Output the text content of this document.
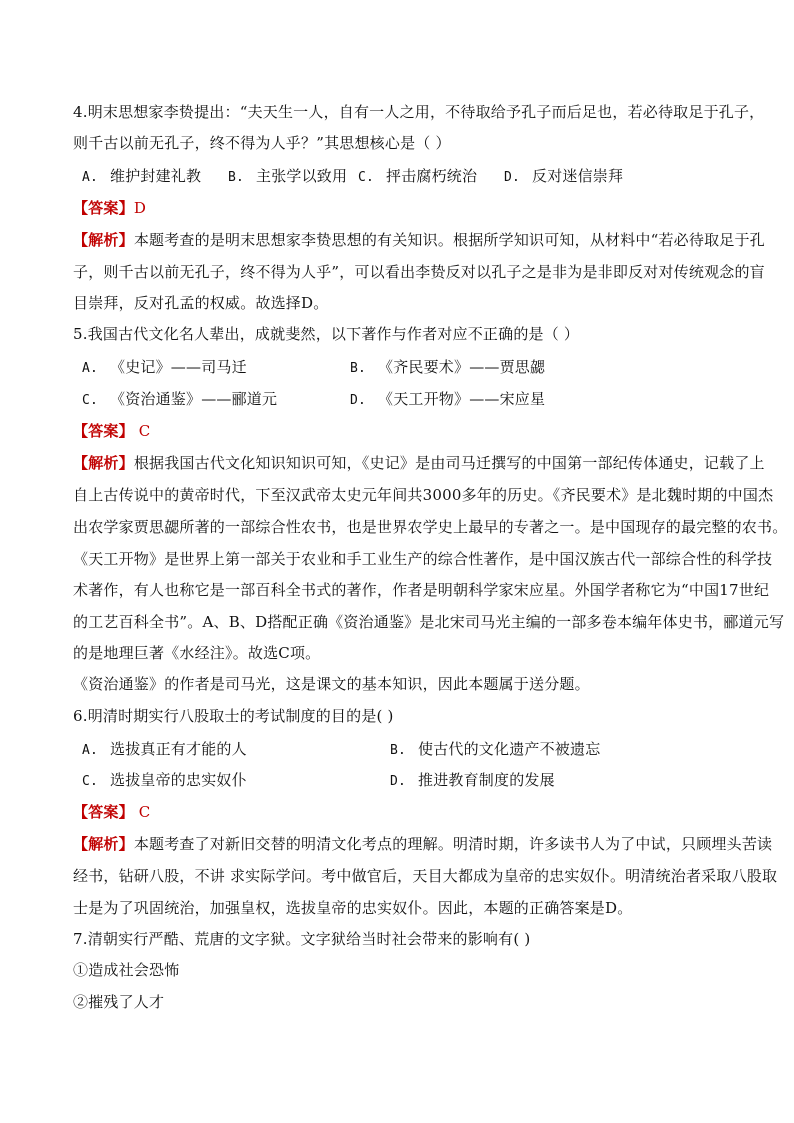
4.明末思想家李贽提出：“夫天生一人，自有一人之用，不待取给予孔子而后足也，若必待取足于孔子，
则千古以前无孔子，终不得为人乎？”其思想核心是（ ）
A. 维护封建礼教 B. 主张学以致用 C. 抨击腐朽统治 D. 反对迷信崇拜
【答案】D
【解析】本题考查的是明末思想家李贽思想的有关知识。根据所学知识可知，从材料中“若必待取足于孔
子，则千古以前无孔子，终不得为人乎”，可以看出李贽反对以孔子之是非为是非即反对对传统观念的盲
目崇拜，反对孔孟的权威。故选择D。
5.我国古代文化名人辈出，成就斐然，以下著作与作者对应不正确的是（ ）
A. 《史记》——司马迁	B. 《齐民要术》——贾思勰
C. 《资治通鉴》——郦道元	D. 《天工开物》——宋应星
【答案】 C
【解析】根据我国古代文化知识知识可知，《史记》是由司马迁撰写的中国第一部纪传体通史，记载了上
自上古传说中的黄帝时代，下至汉武帝太史元年间共3000多年的历史。《齐民要术》是北魏时期的中国杰
出农学家贾思勰所著的一部综合性农书，也是世界农学史上最早的专著之一。是中国现存的最完整的农书。
《天工开物》是世界上第一部关于农业和手工业生产的综合性著作，是中国汉族古代一部综合性的科学技
术著作，有人也称它是一部百科全书式的著作，作者是明朝科学家宋应星。外国学者称它为“中国17世纪
的工艺百科全书”。A、B、D搭配正确《资治通鉴》是北宋司马光主编的一部多卷本编年体史书，郦道元写
的是地理巨著《水经注》。故选C项。
《资治通鉴》的作者是司马光，这是课文的基本知识，因此本题属于送分题。
6.明清时期实行八股取士的考试制度的目的是( )
A. 选拔真正有才能的人	B. 使古代的文化遗产不被遗忘
C. 选拔皇帝的忠实奴仆	D. 推进教育制度的发展
【答案】 C
【解析】本题考查了对新旧交替的明清文化考点的理解。明清时期，许多读书人为了中试，只顾埋头苦读
经书，钻研八股，不讲 求实际学问。考中做官后，天目大都成为皇帝的忠实奴仆。明清统治者采取八股取
士是为了巩固统治，加强皇权，选拔皇帝的忠实奴仆。因此，本题的正确答案是D。
7.清朝实行严酷、荒唐的文字狱。文字狱给当时社会带来的影响有( )
①造成社会恐怖
②摧残了人才
